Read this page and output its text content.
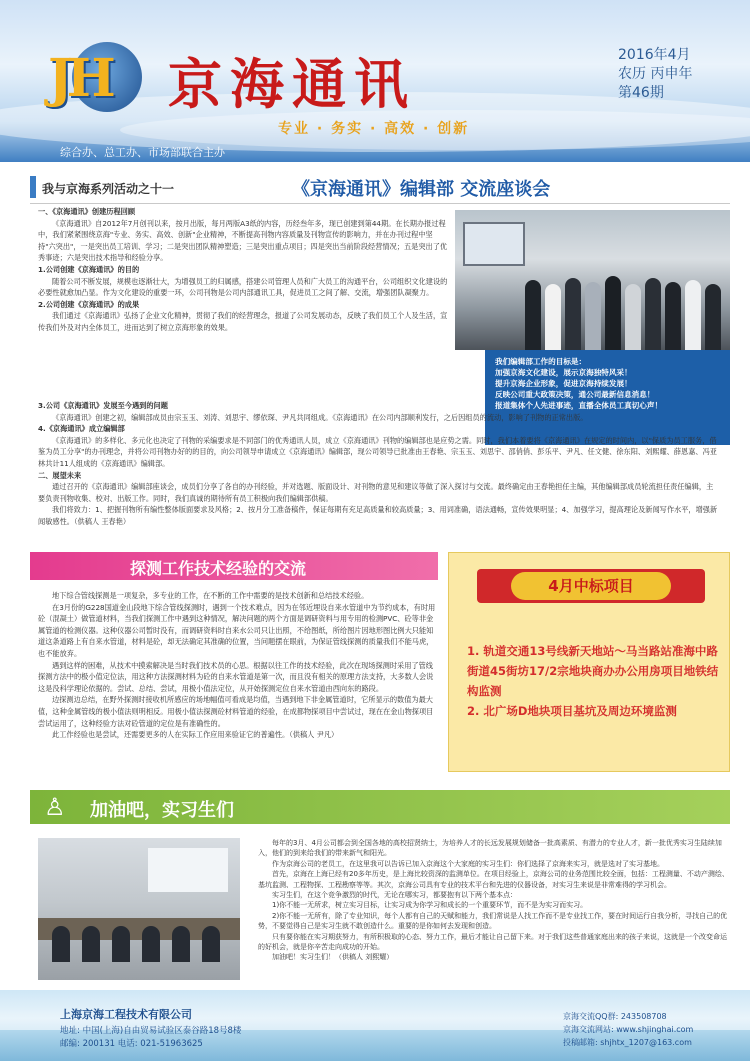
JH 京海通讯
专业 · 务实 · 高效 · 创新
2016年4月
农历 丙申年
第46期
综合办、总工办、市场部联合主办
我与京海系列活动之十一	《京海通讯》编辑部 交流座谈会

一、《京海通讯》创建历程回顾

《京海通讯》自2012年7月创刊以来，按月出版，每月两版A3纸的内容，历经叁年多，现已创建到第44期。在长期办报过程中，我们紧紧围绕京海"专业、务实、高效、创新"企业精神，不断提高刊物内容质量及刊物宣传的影响力，并在办刊过程中坚持"六突出"，一是突出员工培训、学习；二是突出团队精神塑造；三是突出重点项目；四是突出当前阶段经营情况；五是突出了优秀事迹；六是突出技术指导和经验分享。

1.公司创建《京海通讯》的目的

随着公司不断发展，规模也逐渐壮大，为增强员工的归属感，搭建公司管理人员和广大员工的沟通平台，公司组织文化建设的必要性就愈加凸显。作为文化建设的重要一环，公司刊物是公司内部通讯工具，促进员工之间了解、交流，增强团队凝聚力。

2.公司创建《京海通讯》的成果

我们通过《京海通讯》弘扬了企业文化精神，贯彻了我们的经营理念，报道了公司发展动态，反映了我们员工个人及生活，宣传我们外及对内全体员工，进而达到了树立京海形象的效果。

我们编辑部工作的目标是：
加强京海文化建设，展示京海独特风采！
提升京海企业形象，促进京海持续发展！
反映公司重大政策决策，通公司最新信息消息！
报道集体个人先进事迹，直播全体员工真切心声！

3.公司《京海通讯》发展至今遇到的问题

《京海通讯》创建之初，编辑部成员由宗玉玉、刘涛、刘思宇、缪依琛、尹凡共同组成。《京海通讯》在公司内部顺利发行，之后因组员的流动，影响了刊物的正常出版。

4.《京海通讯》成立编辑部

《京海通讯》的多样化、多元化也决定了刊物的采编要求是不同部门的优秀通讯人员，成立《京海通讯》刊物的编辑部也是应势之需。同时，我们本着要将《京海通讯》在规定的时间内，以"保质为员工服务，借鉴为员工分享"的办刊理念，并将公司刊物办好的的目的，向公司领导申请成立《京海通讯》编辑部，现公司领导已批准由王春艳、宗玉玉、刘思宇、邵俏俏、彭乐平、尹凡、任文健、徐东阳、刘熙耀、薛恩嘉、冯亚林共计11人组成的《京海通讯》编辑部。

二、展望未来

通过召开的《京海通讯》编辑部座谈会，成员们分享了各自的办刊经验，并对选题、版面设计、对刊物的意见和建议等做了深入探讨与交流。最终确定由王春艳担任主编，其他编辑部成员轮流担任责任编辑，主要负责刊物收集、校对、出版工作。同时，我们真诚的期待所有员工积极向我们编辑部供稿。

我们将致力：1、把握刊物所有编性整体版面要求及风格；2、按月分工准备稿件，保证每期有充足高质量和较高质量；3、用词准确，语法通畅，宣传效果明显；4、加强学习，提高理论及新闻写作水平，增强新闻敏感性。（供稿人 王春艳）

探测工作技术经验的交流

地下综合管线探测是一项复杂，多专业的工作，在不断的工作中需要的是技术创新和总结技术经验。

在3月份的G228国道金山段地下综合管线探测时，遇到一个技术难点，因为在邻近埋设自来水管道中为节约成本，有时用砼（混凝土）做管道材料，当我们探测工作中遇到这种情况，解决问题的两个方面是调研资料与用专用的检测PVC、砼等非金属管道的检测仪器。这种仪器公司暂时没有，而调研资料时自来水公司只让出照，不给图纸，所给图片因地形图比例大只能知道这条道路上有自来水管道，材料是砼，却无法确定其准确的位置，当问题摆在眼前，为保证管线探测的质量我们不能马虎，也不能放弃。

遇到这样的困难，从技术中摸索解决是当时我们技术员的心思。根据以往工作的技术经验，此次在现场探测时采用了管线探测方法中的极小值定位法，用这种方法探测材料为砼的自来水管道是第一次，而且没有相关的原理方法支持，大多数人会说这是没科学理论依据的。尝试、总结、尝试，用极小值法定位，从开始探测定位自来水管道由西向东的路段。

边探测边总结，在野外探测时接收机所感应的场地幅值可看成是均值，当遇到地下非金属管道时，它所显示的数值为最大值，这种金属管线的极小值法则明相反。用极小值法探测砼材料管道的经验，在成都物探项目中尝试过，现在在金山物探项目尝试运用了，这种经验方法对砼管道的定位是有准确性的。

此工作经验也是尝试，还需要更多的人在实际工作应用来验证它的普遍性。（供稿人 尹凡）

4月中标项目

1. 轨道交通13号线新天地站～马当路站准海中路街道45街坊17/2宗地块商办办公用房项目地铁结构监测

2. 北广场D地块项目基坑及周边环境监测

♙ 加油吧，实习生们

每年的3月、4月公司都会到全国各地的高校招贤纳士，为培养人才的长远发展规划储备一批高素质、有潜力的专业人才，新一批优秀实习生陆续加入，他们的到来给我们的带来新气和阳光。

作为京海公司的老员工，在这里我可以告诉已加入京海这个大家庭的实习生们：你们选择了京海来实习，就是选对了实习基地。

首先，京海在上海已经有20多年历史，是上海比较资深的监测单位。在项目经验上，京海公司的业务范围比较全面，包括：工程测量、不动产测绘、基坑监测、工程物探、工程勘察等等。其次，京海公司具有专业的技术平台和先进的仪器设备，对实习生来说是非常难得的学习机会。

实习生们，在这个竞争激烈的时代，无论在哪实习，都要抱有以下两个基本点：

1)你不能一无所求，树立实习目标，让实习成为你学习和成长的一个重要环节，而不是为实习而实习。

2)你不能一无所有，除了专业知识，每个人都有自己的天赋和能力，我们常说是人找工作而不是专业找工作，要在时间运行自我分析，寻找自己的优势，不要觉得自己是实习生就不敢创造什么。重要的是你如何去发现和创造。

只有要你能在实习期获努力，有所积极取的心态、努力工作，最后才能让自己留下来。对于我们这些普通家庭出来的孩子来说，这就是一个改变命运的好机会，就是你辛苦走向成功的开始。

加油吧！实习生们！（供稿人 刘熙耀）

上海京海工程技术有限公司
地址: 中国(上海)自由贸易试验区泰谷路18号8楼
邮编: 200131 电话: 021-51963625
京海交流QQ群: 243508708
京海交流网站: www.shjinghai.com
投稿邮箱: shjhtx_1207@163.com
